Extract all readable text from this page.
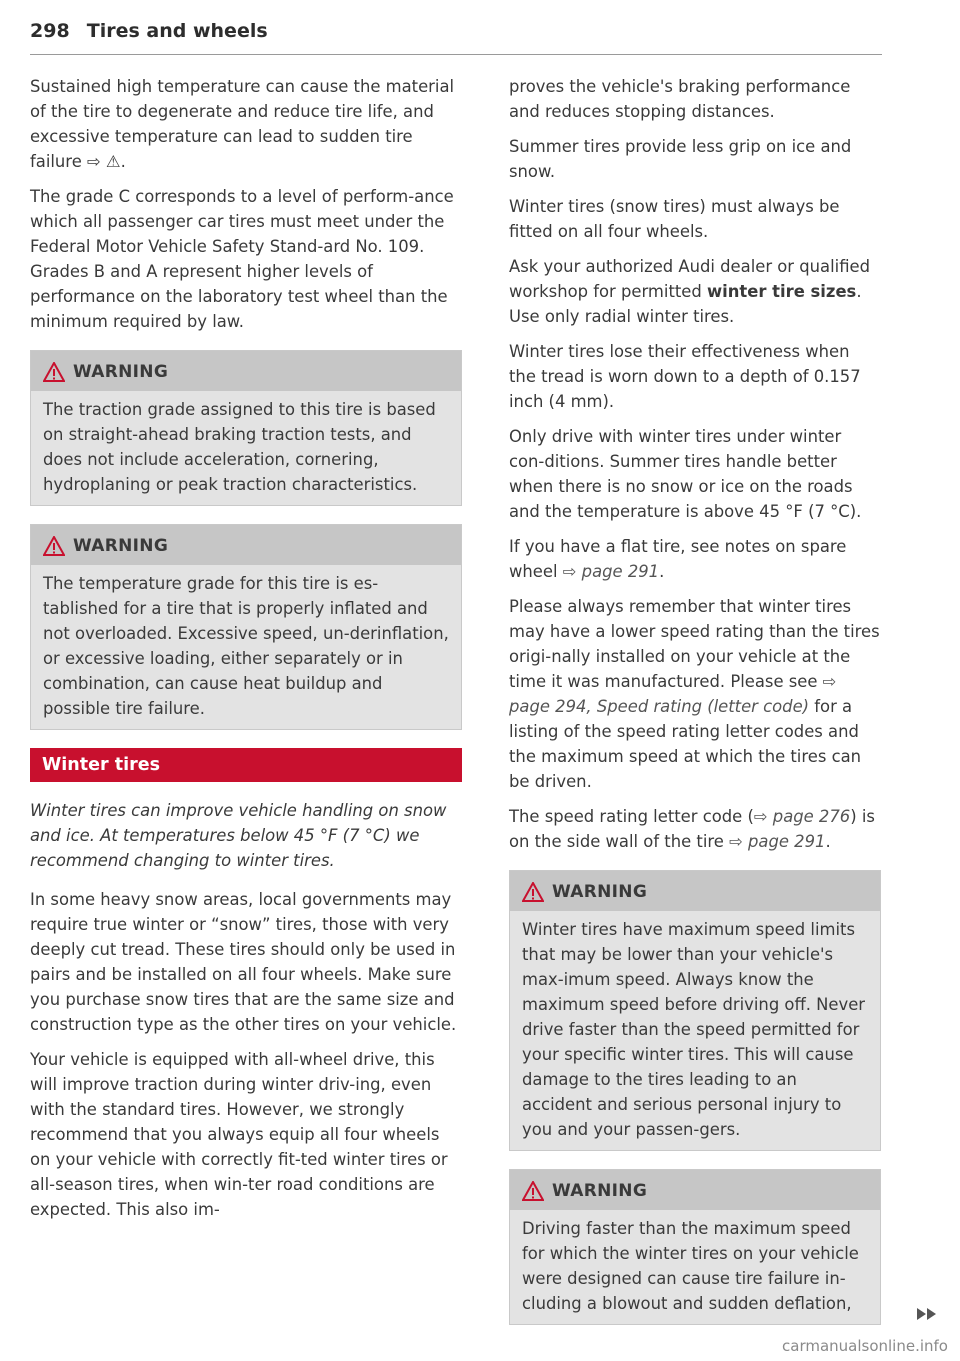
298 Tires and wheels

Sustained high temperature can cause the material of the tire to degenerate and reduce tire life, and excessive temperature can lead to sudden tire failure ⇨ ⚠.

The grade C corresponds to a level of perform-ance which all passenger car tires must meet under the Federal Motor Vehicle Safety Stand-ard No. 109. Grades B and A represent higher levels of performance on the laboratory test wheel than the minimum required by law.

WARNING
The traction grade assigned to this tire is based on straight-ahead braking traction tests, and does not include acceleration, cornering, hydroplaning or peak traction characteristics.
WARNING
The temperature grade for this tire is es-tablished for a tire that is properly inflated and not overloaded. Excessive speed, un-derinflation, or excessive loading, either separately or in combination, can cause heat buildup and possible tire failure.
Winter tires

Winter tires can improve vehicle handling on snow and ice. At temperatures below 45 °F (7 °C) we recommend changing to winter tires.

In some heavy snow areas, local governments may require true winter or “snow” tires, those with very deeply cut tread. These tires should only be used in pairs and be installed on all four wheels. Make sure you purchase snow tires that are the same size and construction type as the other tires on your vehicle.

Your vehicle is equipped with all-wheel drive, this will improve traction during winter driv-ing, even with the standard tires. However, we strongly recommend that you always equip all four wheels on your vehicle with correctly fit-ted winter tires or all-season tires, when win-ter road conditions are expected. This also im-

proves the vehicle's braking performance and reduces stopping distances.

Summer tires provide less grip on ice and snow.

Winter tires (snow tires) must always be fitted on all four wheels.

Ask your authorized Audi dealer or qualified workshop for permitted winter tire sizes. Use only radial winter tires.

Winter tires lose their effectiveness when the tread is worn down to a depth of 0.157 inch (4 mm).

Only drive with winter tires under winter con-ditions. Summer tires handle better when there is no snow or ice on the roads and the temperature is above 45 °F (7 °C).

If you have a flat tire, see notes on spare wheel ⇨ page 291.

Please always remember that winter tires may have a lower speed rating than the tires origi-nally installed on your vehicle at the time it was manufactured. Please see ⇨ page 294, Speed rating (letter code) for a listing of the speed rating letter codes and the maximum speed at which the tires can be driven.

The speed rating letter code (⇨ page 276) is on the side wall of the tire ⇨ page 291.

WARNING
Winter tires have maximum speed limits that may be lower than your vehicle's max-imum speed. Always know the maximum speed before driving off. Never drive faster than the speed permitted for your specific winter tires. This will cause damage to the tires leading to an accident and serious personal injury to you and your passen-gers.
WARNING
Driving faster than the maximum speed for which the winter tires on your vehicle were designed can cause tire failure in-cluding a blowout and sudden deflation,
carmanualsonline.info
